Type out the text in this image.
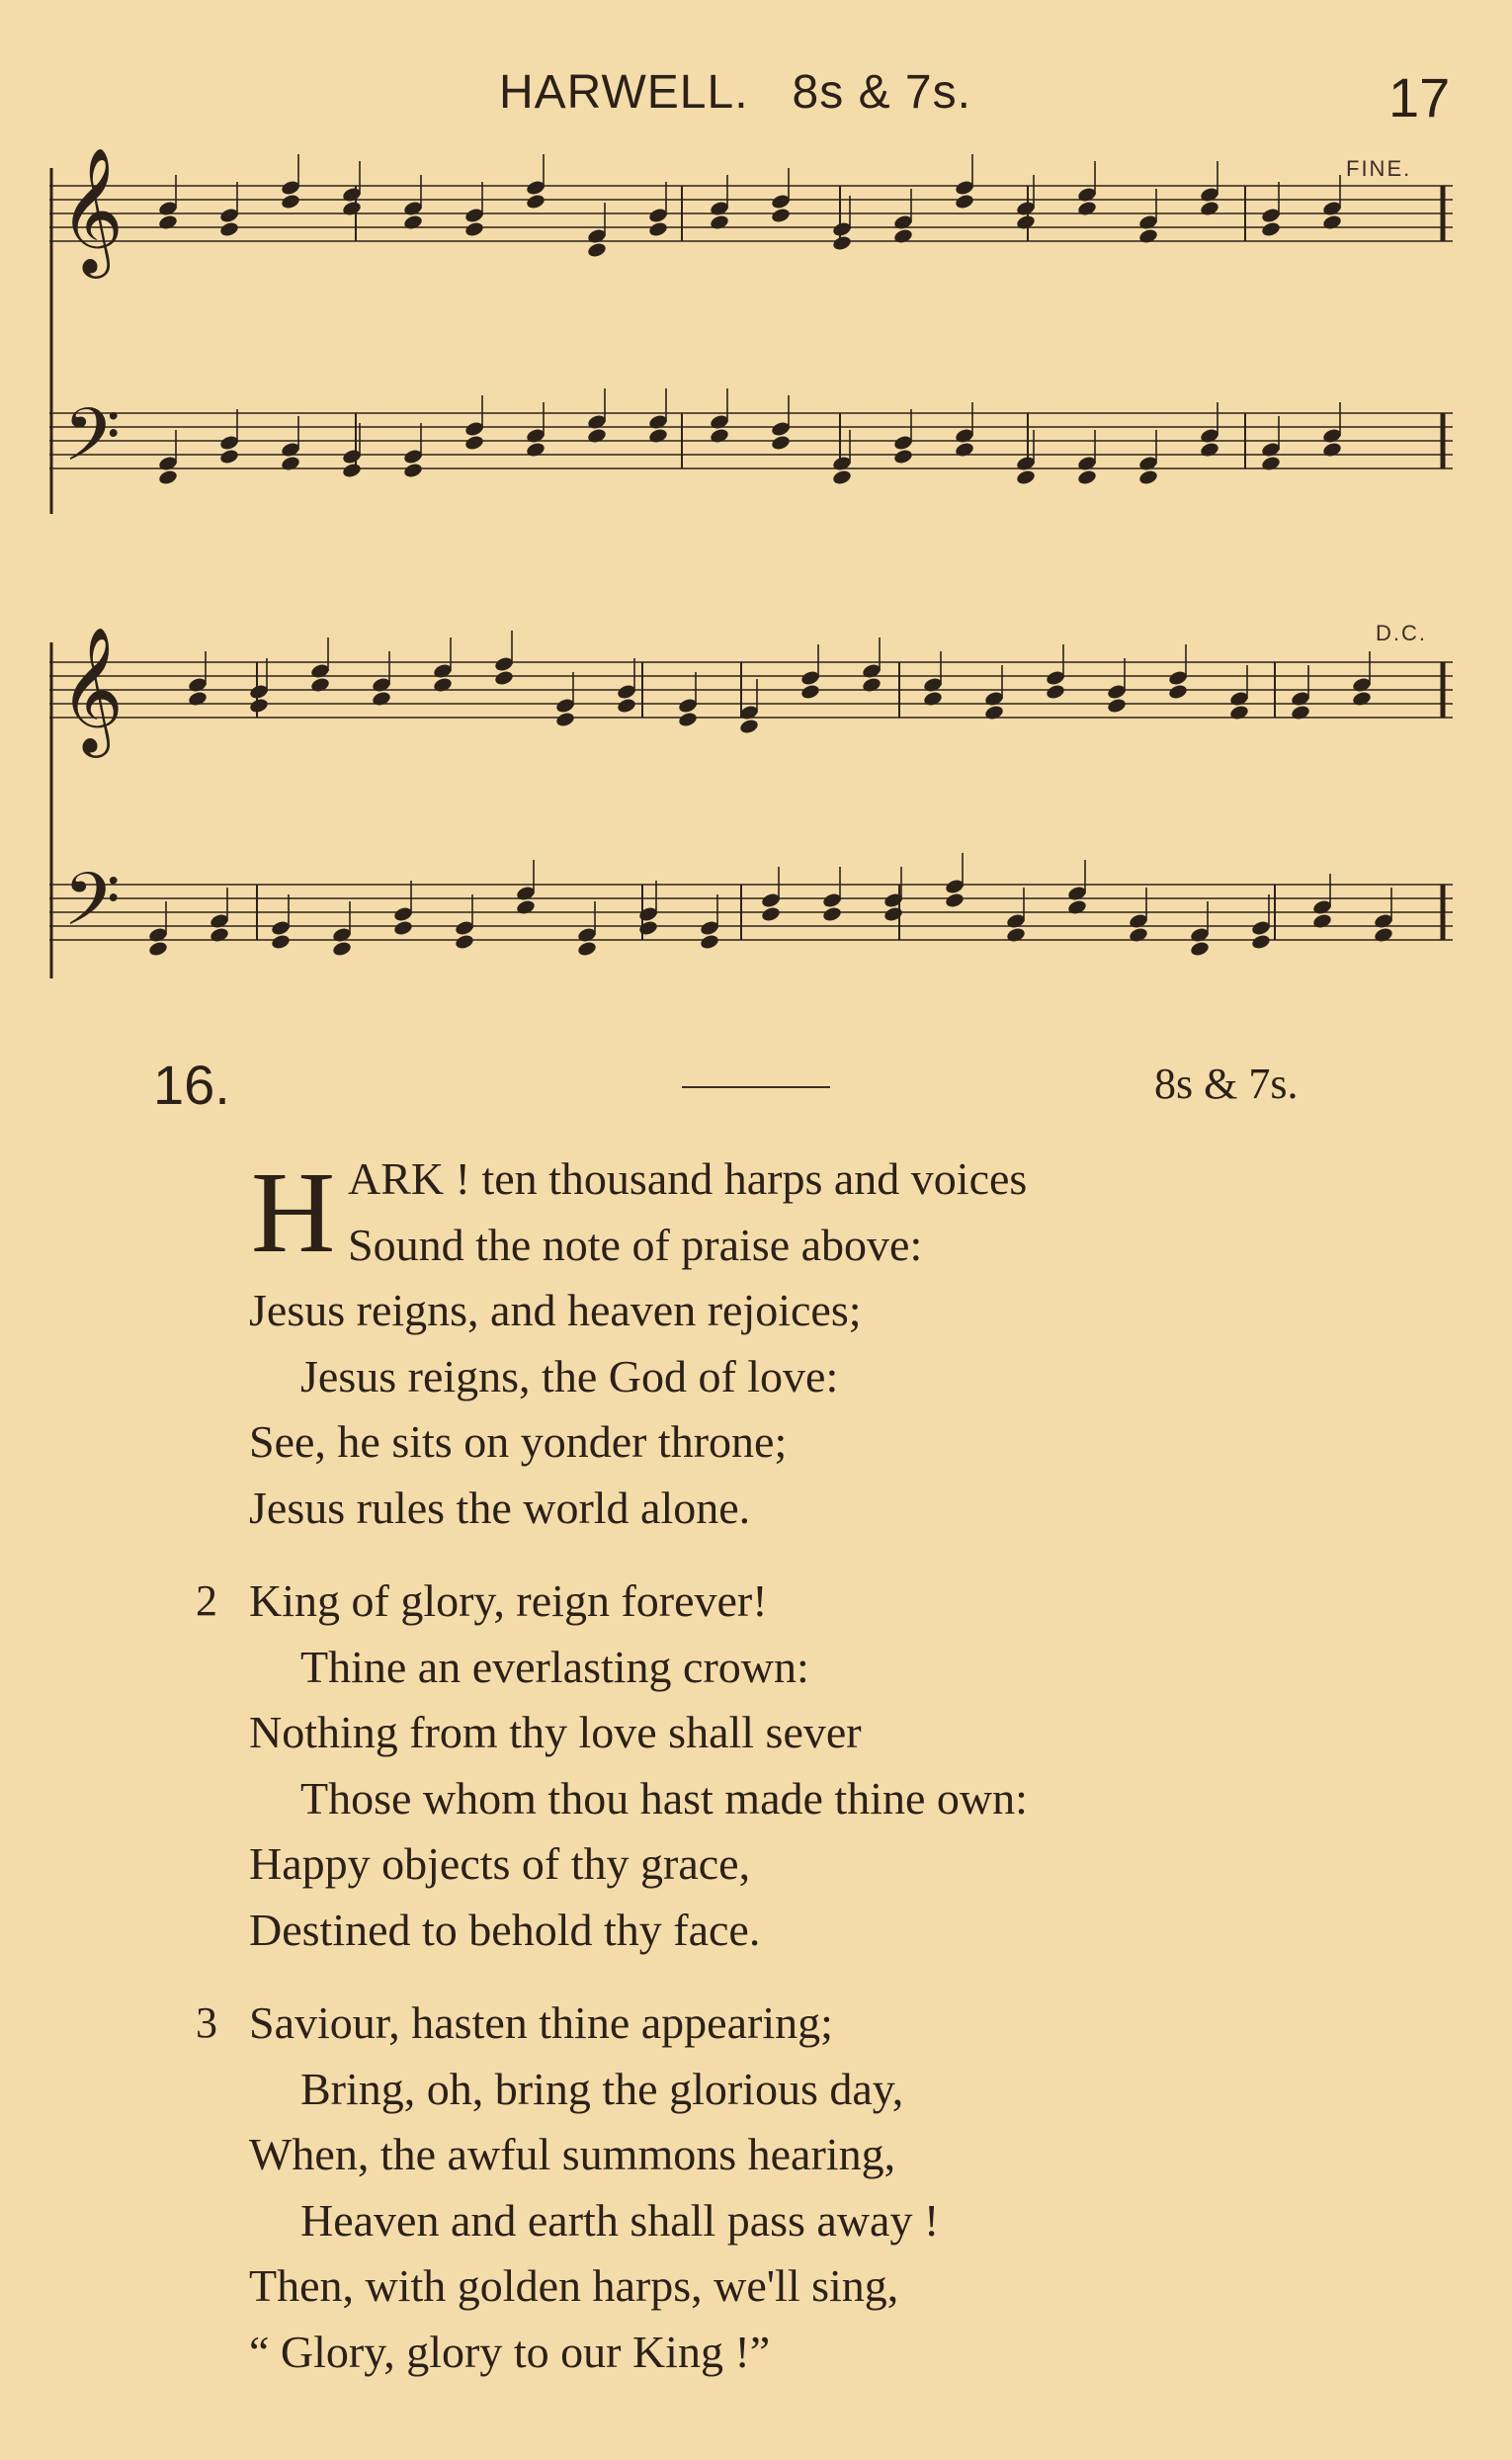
HARWELL. 8s & 7s.	17
𝄞
𝄢
𝄞
𝄢
FINE.
D.C.
16.	8s & 7s.
H ARK ! ten thousand harps and voices
Sound the note of praise above:
Jesus reigns, and heaven rejoices;
Jesus reigns, the God of love:
See, he sits on yonder throne;
Jesus rules the world alone.
2 King of glory, reign forever!
Thine an everlasting crown:
Nothing from thy love shall sever
Those whom thou hast made thine own:
Happy objects of thy grace,
Destined to behold thy face.
3 Saviour, hasten thine appearing;
Bring, oh, bring the glorious day,
When, the awful summons hearing,
Heaven and earth shall pass away !
Then, with golden harps, we'll sing,
“ Glory, glory to our King !”
